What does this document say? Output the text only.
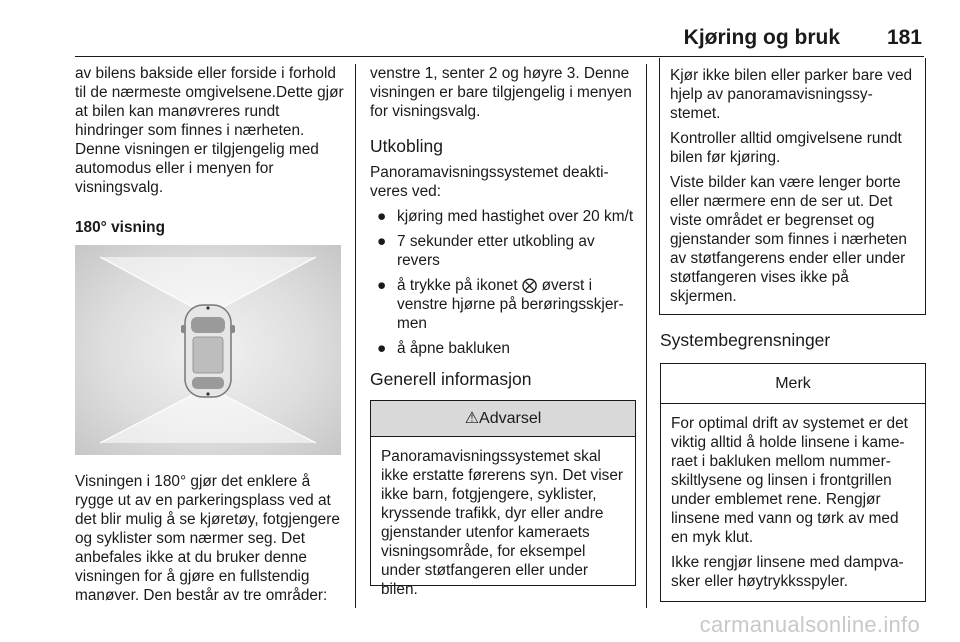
Kjøring og bruk 181

av bilens bakside eller forside i forhold til de nærmeste omgivelsene.Dette gjør at bilen kan manøvreres rundt hindringer som finnes i nærheten. Denne visningen er tilgjengelig med automodus eller i menyen for visningsvalg.

180° visning

Visningen i 180° gjør det enklere å rygge ut av en parkeringsplass ved at det blir mulig å se kjøretøy, fotgjengere og syklister som nærmer seg. Det anbefales ikke at du bruker denne visningen for å gjøre en fullstendig manøver. Den består av tre områder:

venstre 1, senter 2 og høyre 3. Denne visningen er bare tilgjengelig i menyen for visningsvalg.

Utkobling

Panoramavisningssystemet deaktiveres ved:

● kjøring med hastighet over 20 km/t
● 7 sekunder etter utkobling av revers
● å trykke på ikonet ⨂ øverst i venstre hjørne på berøringsskjermen
● å åpne bakluken

Generell informasjon

⚠Advarsel
Panoramavisningssystemet skal ikke erstatte førerens syn. Det viser ikke barn, fotgjengere, syklister, kryssende trafikk, dyr eller andre gjenstander utenfor kameraets visningsområde, for eksempel under støtfangeren eller under bilen.

Kjør ikke bilen eller parker bare ved hjelp av panoramavisningssystemet.

Kontroller alltid omgivelsene rundt bilen før kjøring.

Viste bilder kan være lenger borte eller nærmere enn de ser ut. Det viste området er begrenset og gjenstander som finnes i nærheten av støtfangerens ender eller under støtfangeren vises ikke på skjermen.

Systembegrensninger

Merk

For optimal drift av systemet er det viktig alltid å holde linsene i kameraet i bakluken mellom nummerskiltlysene og linsen i frontgrillen under emblemet rene. Rengjør linsene med vann og tørk av med en myk klut.

Ikke rengjør linsene med dampvasker eller høytrykksspyler.

carmanualsonline.info
